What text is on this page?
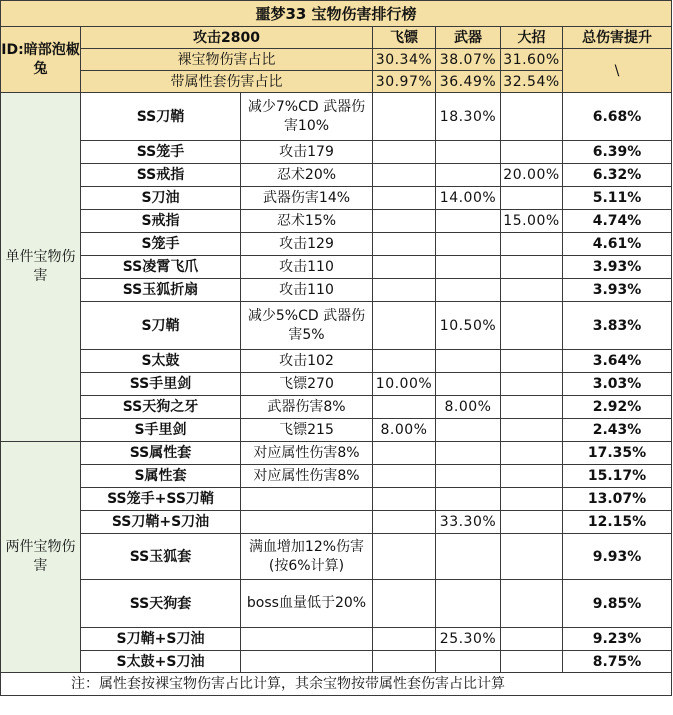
噩梦33 宝物伤害排行榜						
ID:暗部泡椒兔	攻击2800		飞镖	武器	大招	总伤害提升
	裸宝物伤害占比		30.34%	38.07%	31.60%	\
	带属性套伤害占比		30.97%	36.49%	32.54%	
单件宝物伤害	SS刀鞘	减少7%CD 武器伤害10%		18.30%		6.68%
	SS笼手	攻击179				6.39%
	SS戒指	忍术20%			20.00%	6.32%
	S刀油	武器伤害14%		14.00%		5.11%
	S戒指	忍术15%			15.00%	4.74%
	S笼手	攻击129				4.61%
	SS凌霄飞爪	攻击110				3.93%
	SS玉狐折扇	攻击110				3.93%
	S刀鞘	减少5%CD 武器伤害5%		10.50%		3.83%
	S太鼓	攻击102				3.64%
	SS手里剑	飞镖270	10.00%			3.03%
	SS天狗之牙	武器伤害8%		8.00%		2.92%
	S手里剑	飞镖215	8.00%			2.43%
两件宝物伤害	SS属性套	对应属性伤害8%				17.35%
	S属性套	对应属性伤害8%				15.17%
	SS笼手+SS刀鞘					13.07%
	SS刀鞘+S刀油			33.30%		12.15%
	SS玉狐套	满血增加12%伤害 (按6%计算)				9.93%
	SS天狗套	boss血量低于20%				9.85%
	S刀鞘+S刀油			25.30%		9.23%
	S太鼓+S刀油					8.75%
注：属性套按裸宝物伤害占比计算，其余宝物按带属性套伤害占比计算						
